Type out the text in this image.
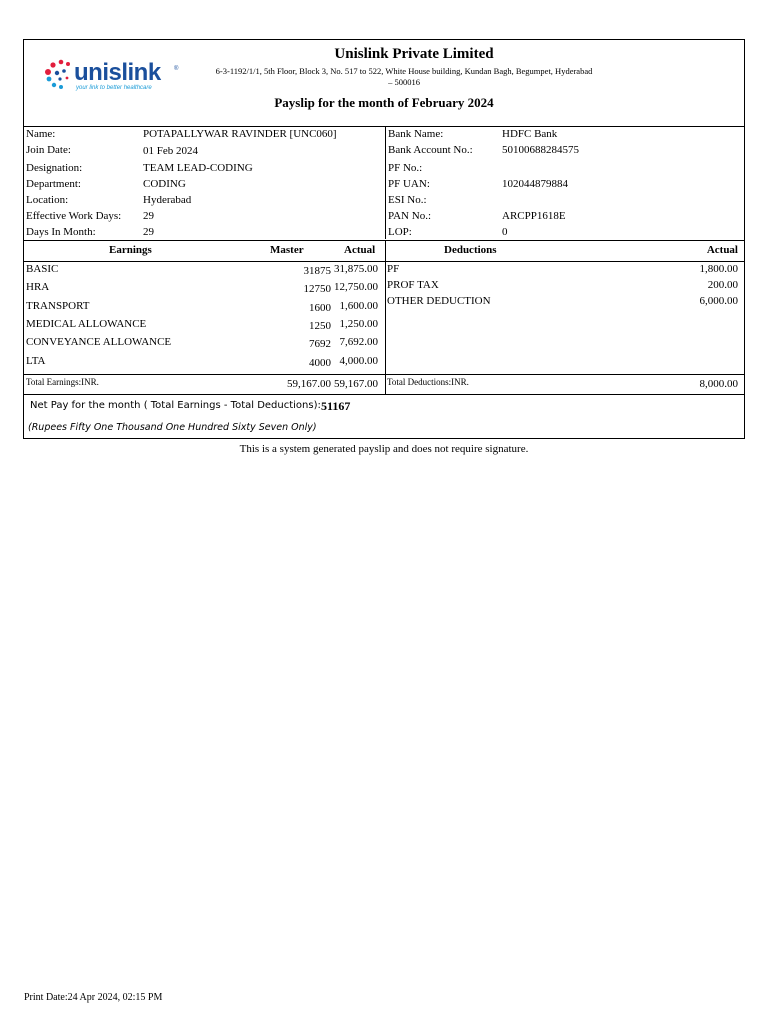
unislink ®
your link to better healthcare
Unislink Private Limited
6-3-1192/1/1, 5th Floor, Block 3, No. 517 to 522, White House building, Kundan Bagh, Begumpet, Hyderabad
– 500016
Payslip for the month of February 2024
Name:	POTAPALLYWAR RAVINDER [UNC060]
Join Date:	01 Feb 2024
Designation:	TEAM LEAD-CODING
Department:	CODING
Location:	Hyderabad
Effective Work Days: 29
Days In Month:	29
Bank Name:	HDFC Bank
Bank Account No.:	50100688284575
PF No.:
PF UAN:	102044879884
ESI No.:
PAN No.:	ARCPP1618E
LOP:	0
Earnings	Master	Actual	Deductions	Actual
BASIC	31875 31,875.00
HRA	12750 12,750.00
TRANSPORT	1600 1,600.00
MEDICAL ALLOWANCE	1250 1,250.00
CONVEYANCE ALLOWANCE	7692 7,692.00
LTA	4000 4,000.00
PF	1,800.00
PROF TAX	200.00
OTHER DEDUCTION	6,000.00
Total Earnings:INR.	59,167.00 59,167.00 Total Deductions:INR.	8,000.00
Net Pay for the month ( Total Earnings - Total Deductions): 51167
(Rupees Fifty One Thousand One Hundred Sixty Seven Only)
This is a system generated payslip and does not require signature.
Print Date:24 Apr 2024, 02:15 PM
